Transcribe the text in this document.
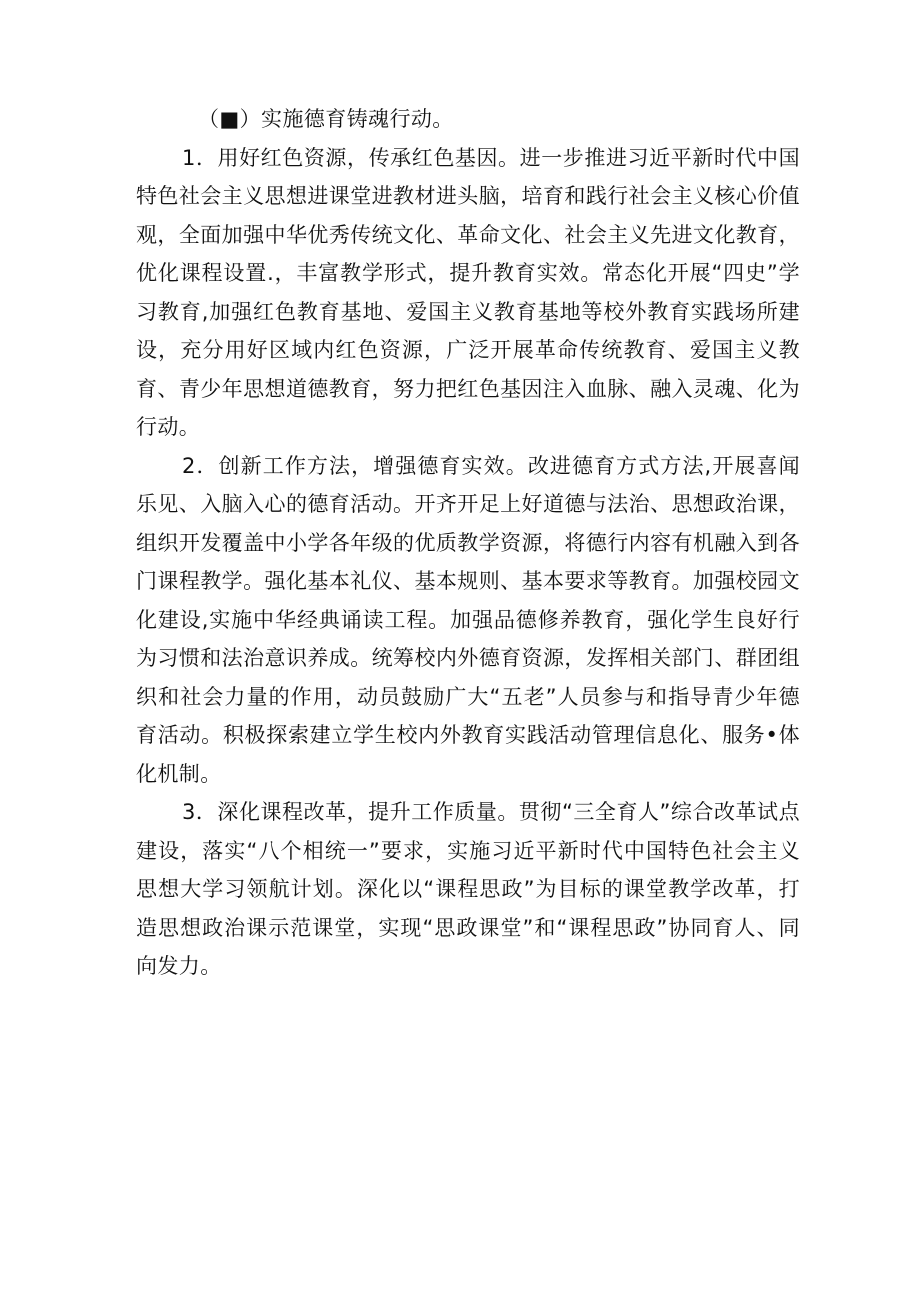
（■）实施德育铸魂行动。

1．用好红色资源，传承红色基因。进一步推进习近平新时代中国特色社会主义思想进课堂进教材进头脑，培育和践行社会主义核心价值观，全面加强中华优秀传统文化、革命文化、社会主义先进文化教育，优化课程设置.，丰富教学形式，提升教育实效。常态化开展“四史”学习教育,加强红色教育基地、爱国主义教育基地等校外教育实践场所建设，充分用好区域内红色资源，广泛开展革命传统教育、爱国主义教育、青少年思想道德教育，努力把红色基因注入血脉、融入灵魂、化为行动。

2．创新工作方法，增强德育实效。改进德育方式方法,开展喜闻乐见、入脑入心的德育活动。开齐开足上好道德与法治、思想政治课，组织开发覆盖中小学各年级的优质教学资源，将德行内容有机融入到各门课程教学。强化基本礼仪、基本规则、基本要求等教育。加强校园文化建设,实施中华经典诵读工程。加强品德修养教育，强化学生良好行为习惯和法治意识养成。统筹校内外德育资源，发挥相关部门、群团组织和社会力量的作用，动员鼓励广大“五老”人员参与和指导青少年德育活动。积极探索建立学生校内外教育实践活动管理信息化、服务•体化机制。

3．深化课程改革，提升工作质量。贯彻“三全育人”综合改革试点建设，落实“八个相统一”要求，实施习近平新时代中国特色社会主义思想大学习领航计划。深化以“课程思政”为目标的课堂教学改革，打造思想政治课示范课堂，实现“思政课堂”和“课程思政”协同育人、同向发力。
